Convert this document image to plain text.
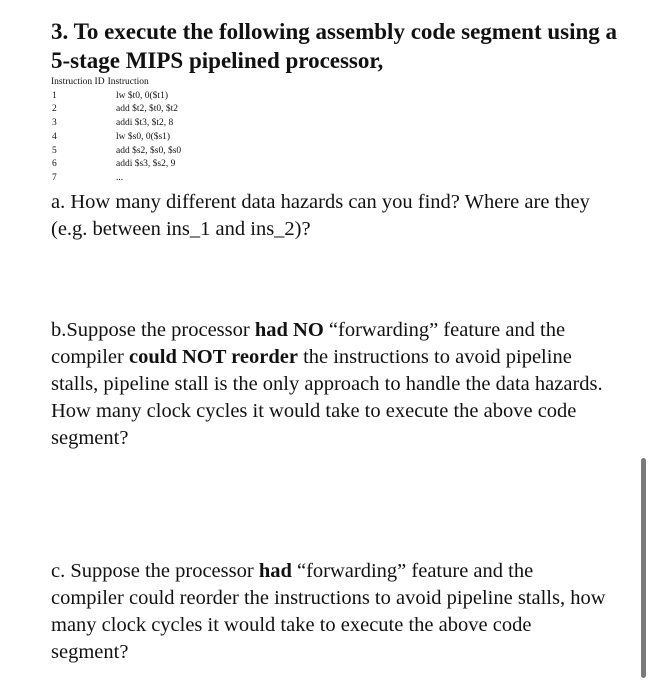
3. To execute the following assembly code segment using a 5-stage MIPS pipelined processor,
Instruction ID Instruction
1	lw $t0, 0($t1)
2	add $t2, $t0, $t2
3	addi $t3, $t2, 8
4	lw $s0, 0($s1)
5	add $s2, $s0, $s0
6	addi $s3, $s2, 9
7	...

a. How many different data hazards can you find? Where are they (e.g. between ins_1 and ins_2)?

b.Suppose the processor had NO “forwarding” feature and the compiler could NOT reorder the instructions to avoid pipeline stalls, pipeline stall is the only approach to handle the data hazards. How many clock cycles it would take to execute the above code segment?

c. Suppose the processor had “forwarding” feature and the compiler could reorder the instructions to avoid pipeline stalls, how many clock cycles it would take to execute the above code segment?
